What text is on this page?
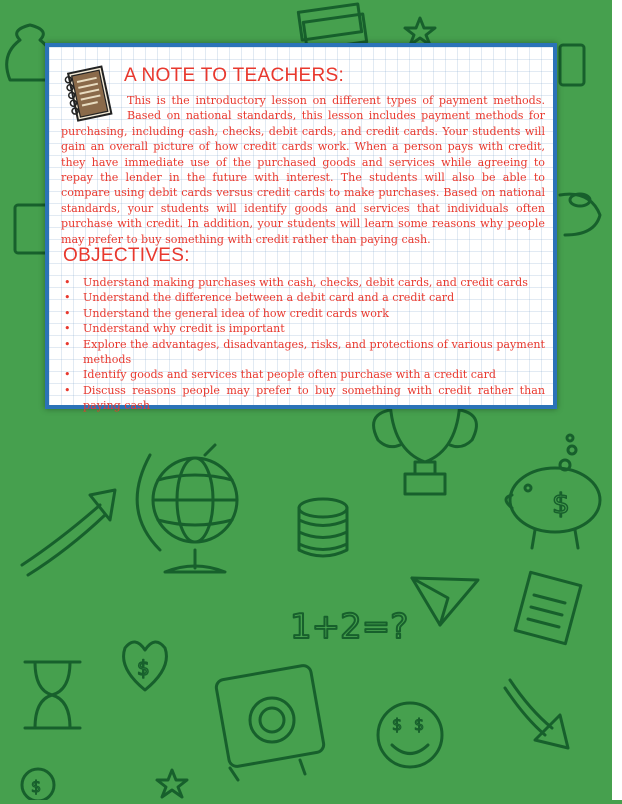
$
1+2=?
$
$ $
$
A NOTE TO TEACHERS:

This is the introductory lesson on different types of payment methods. Based on national standards, this lesson includes payment methods for purchasing, including cash, checks, debit cards, and credit cards. Your students will gain an overall picture of how credit cards work. When a person pays with credit, they have immediate use of the purchased goods and services while agreeing to repay the lender in the future with interest. The students will also be able to compare using debit cards versus credit cards to make purchases. Based on national standards, your students will identify goods and services that individuals often purchase with credit. In addition, your students will learn some reasons why people may prefer to buy something with credit rather than paying cash.

OBJECTIVES:
• Understand making purchases with cash, checks, debit cards, and credit cards
• Understand the difference between a debit card and a credit card
• Understand the general idea of how credit cards work
• Understand why credit is important
• Explore the advantages, disadvantages, risks, and protections of various payment methods
• Identify goods and services that people often purchase with a credit card
• Discuss reasons people may prefer to buy something with credit rather than paying cash
